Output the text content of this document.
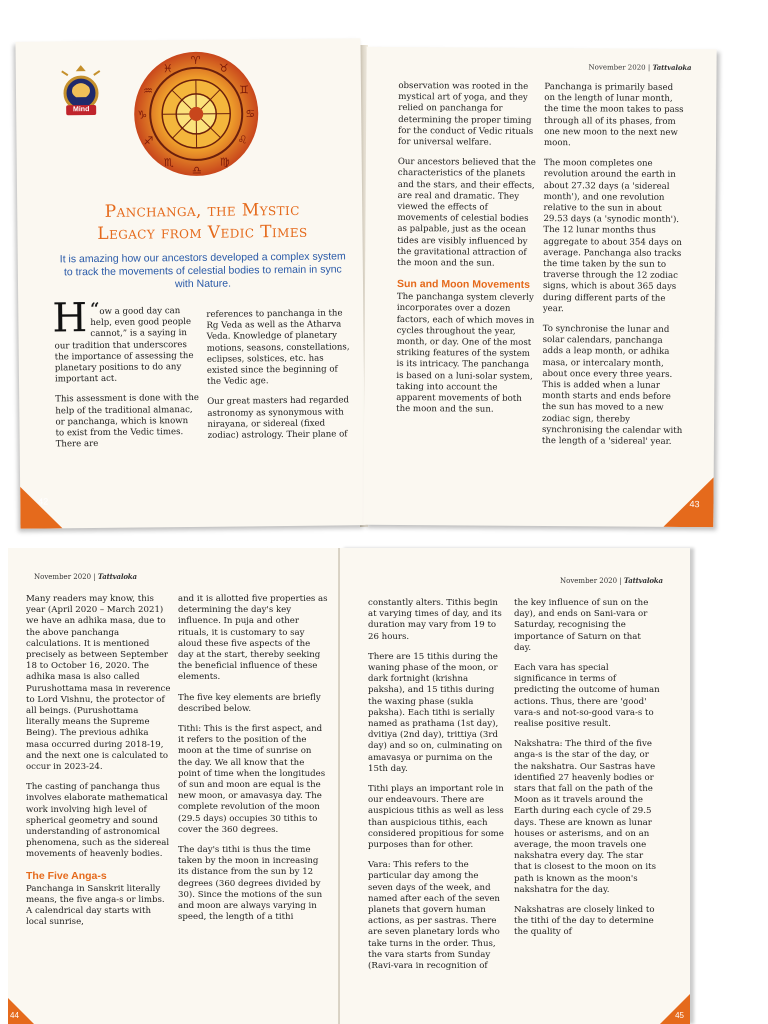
Mind
♈
♉
♊
♋
♌
♍
♎
♏
♐
♑
♒
♓
Panchanga, the Mystic
Legacy from Vedic Times
It is amazing how our ancestors developed a complex system to track the movements of celestial bodies to remain in sync with Nature.

“
H ow a good day can help, even good people cannot,” is a saying in our tradition that underscores the importance of assessing the planetary positions to do any important act.

This assessment is done with the help of the traditional almanac, or panchanga, which is known to exist from the Vedic times. There are

references to panchanga in the Rg Veda as well as the Atharva Veda. Knowledge of planetary motions, seasons, constellations, eclipses, solstices, etc. has existed since the beginning of the Vedic age.

Our great masters had regarded astronomy as synonymous with nirayana, or sidereal (fixed zodiac) astrology. Their plane of

42
November 2020 | Tattvaloka

observation was rooted in the mystical art of yoga, and they relied on panchanga for determining the proper timing for the conduct of Vedic rituals for universal welfare.

Our ancestors believed that the characteristics of the planets and the stars, and their effects, are real and dramatic. They viewed the effects of movements of celestial bodies as palpable, just as the ocean tides are visibly influenced by the gravitational attraction of the moon and the sun.

Sun and Moon Movements

The panchanga system cleverly incorporates over a dozen factors, each of which moves in cycles throughout the year, month, or day. One of the most striking features of the system is its intricacy. The panchanga is based on a luni-solar system, taking into account the apparent movements of both the moon and the sun.

Panchanga is primarily based on the length of lunar month, the time the moon takes to pass through all of its phases, from one new moon to the next new moon.

The moon completes one revolution around the earth in about 27.32 days (a 'sidereal month'), and one revolution relative to the sun in about 29.53 days (a 'synodic month'). The 12 lunar months thus aggregate to about 354 days on average. Panchanga also tracks the time taken by the sun to traverse through the 12 zodiac signs, which is about 365 days during different parts of the year.

To synchronise the lunar and solar calendars, panchanga adds a leap month, or adhika masa, or intercalary month, about once every three years. This is added when a lunar month starts and ends before the sun has moved to a new zodiac sign, thereby synchronising the calendar with the length of a 'sidereal' year.

43
November 2020 | Tattvaloka

Many readers may know, this year (April 2020 – March 2021) we have an adhika masa, due to the above panchanga calculations. It is mentioned precisely as between September 18 to October 16, 2020. The adhika masa is also called Purushottama masa in reverence to Lord Vishnu, the protector of all beings. (Purushottama literally means the Supreme Being). The previous adhika masa occurred during 2018-19, and the next one is calculated to occur in 2023-24.

The casting of panchanga thus involves elaborate mathematical work involving high level of spherical geometry and sound understanding of astronomical phenomena, such as the sidereal movements of heavenly bodies.

The Five Anga-s

Panchanga in Sanskrit literally means, the five anga-s or limbs. A calendrical day starts with local sunrise,

and it is allotted five properties as determining the day's key influence. In puja and other rituals, it is customary to say aloud these five aspects of the day at the start, thereby seeking the beneficial influence of these elements.

The five key elements are briefly described below.

Tithi: This is the first aspect, and it refers to the position of the moon at the time of sunrise on the day. We all know that the point of time when the longitudes of sun and moon are equal is the new moon, or amavasya day. The complete revolution of the moon (29.5 days) occupies 30 tithis to cover the 360 degrees.

The day's tithi is thus the time taken by the moon in increasing its distance from the sun by 12 degrees (360 degrees divided by 30). Since the motions of the sun and moon are always varying in speed, the length of a tithi

44
November 2020 | Tattvaloka

constantly alters. Tithis begin at varying times of day, and its duration may vary from 19 to 26 hours.

There are 15 tithis during the waning phase of the moon, or dark fortnight (krishna paksha), and 15 tithis during the waxing phase (sukla paksha). Each tithi is serially named as prathama (1st day), dvitiya (2nd day), trittiya (3rd day) and so on, culminating on amavasya or purnima on the 15th day.

Tithi plays an important role in our endeavours. There are auspicious tithis as well as less than auspicious tithis, each considered propitious for some purposes than for other.

Vara: This refers to the particular day among the seven days of the week, and named after each of the seven planets that govern human actions, as per sastras. There are seven planetary lords who take turns in the order. Thus, the vara starts from Sunday (Ravi-vara in recognition of

the key influence of sun on the day), and ends on Sani-vara or Saturday, recognising the importance of Saturn on that day.

Each vara has special significance in terms of predicting the outcome of human actions. Thus, there are 'good' vara-s and not-so-good vara-s to realise positive result.

Nakshatra: The third of the five anga-s is the star of the day, or the nakshatra. Our Sastras have identified 27 heavenly bodies or stars that fall on the path of the Moon as it travels around the Earth during each cycle of 29.5 days. These are known as lunar houses or asterisms, and on an average, the moon travels one nakshatra every day. The star that is closest to the moon on its path is known as the moon's nakshatra for the day.

Nakshatras are closely linked to the tithi of the day to determine the quality of

45
